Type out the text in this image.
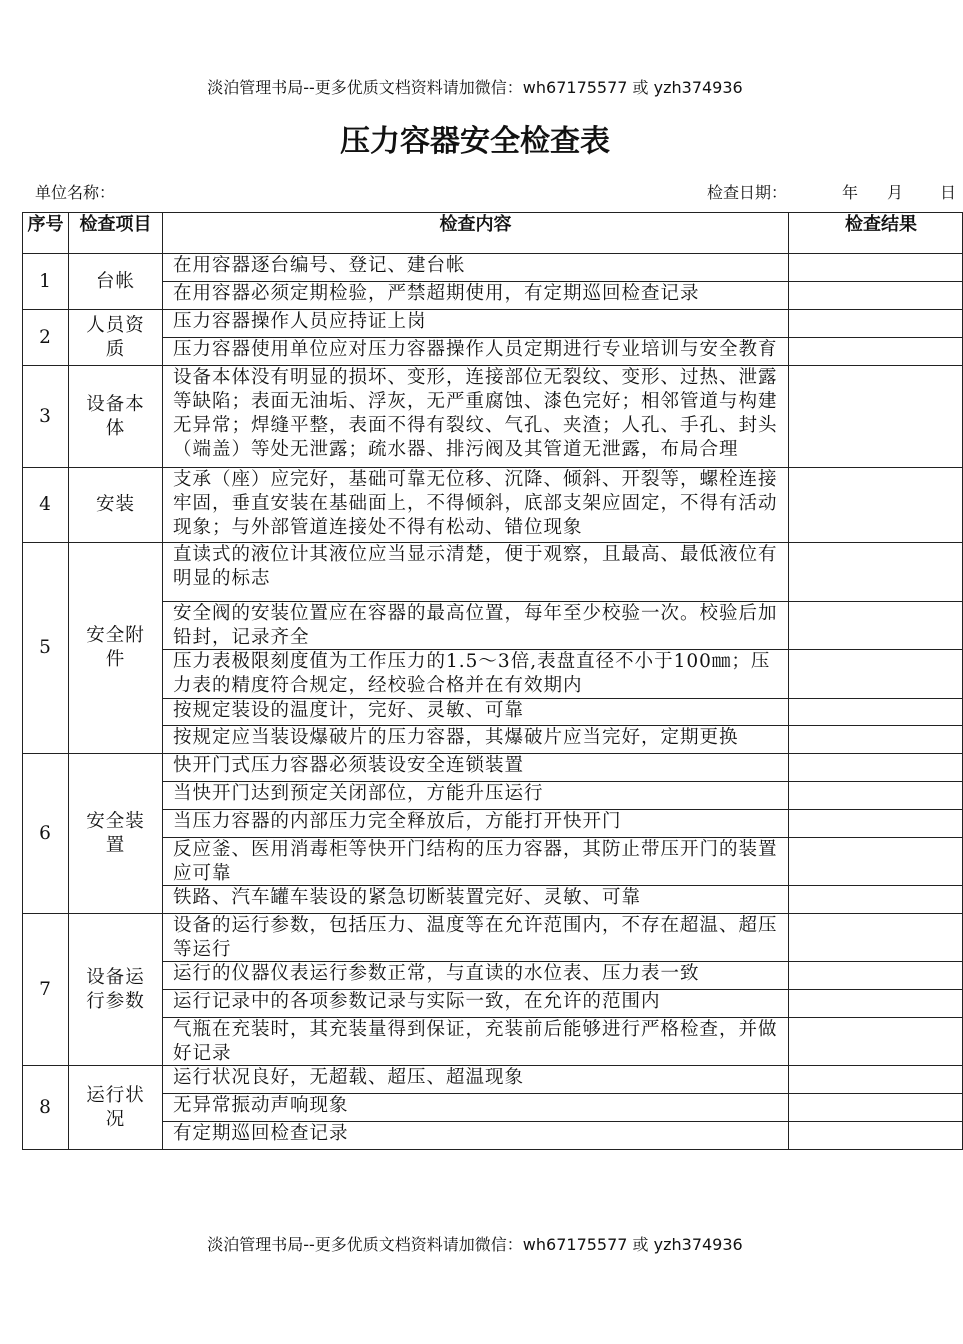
淡泊管理书局--更多优质文档资料请加微信：wh67175577 或 yzh374936
压力容器安全检查表
单位名称：	检查日期：	年 月 日
序号	检查项目	检查内容	检查结果

1	台帐	在用容器逐台编号、登记、建台帐	

		在用容器必须定期检验，严禁超期使用，有定期巡回检查记录	

2	人员资质	压力容器操作人员应持证上岗	

		压力容器使用单位应对压力容器操作人员定期进行专业培训与安全教育	

3	设备本体	设备本体没有明显的损坏、变形，连接部位无裂纹、变形、过热、泄露等缺陷；表面无油垢、浮灰，无严重腐蚀、漆色完好；相邻管道与构建无异常；焊缝平整，表面不得有裂纹、气孔、夹渣；人孔、手孔、封头（端盖）等处无泄露；疏水器、排污阀及其管道无泄露，布局合理	

4	安装	支承（座）应完好，基础可靠无位移、沉降、倾斜、开裂等，螺栓连接牢固，垂直安装在基础面上，不得倾斜，底部支架应固定，不得有活动现象；与外部管道连接处不得有松动、错位现象	

5	安全附件	直读式的液位计其液位应当显示清楚，便于观察，且最高、最低液位有明显的标志	

		安全阀的安装位置应在容器的最高位置，每年至少校验一次。校验后加铅封，记录齐全	

		压力表极限刻度值为工作压力的1.5～3倍,表盘直径不小于100㎜；压力表的精度符合规定，经校验合格并在有效期内	

		按规定装设的温度计，完好、灵敏、可靠	

		按规定应当装设爆破片的压力容器，其爆破片应当完好，定期更换	

6	安全装置	快开门式压力容器必须装设安全连锁装置	

		当快开门达到预定关闭部位，方能升压运行	

		当压力容器的内部压力完全释放后，方能打开快开门	

		反应釜、医用消毒柜等快开门结构的压力容器，其防止带压开门的装置应可靠	

		铁路、汽车罐车装设的紧急切断装置完好、灵敏、可靠	

7	设备运行参数	设备的运行参数，包括压力、温度等在允许范围内，不存在超温、超压等运行	

		运行的仪器仪表运行参数正常，与直读的水位表、压力表一致	

		运行记录中的各项参数记录与实际一致，在允许的范围内	

		气瓶在充装时，其充装量得到保证，充装前后能够进行严格检查，并做好记录	

8	运行状况	运行状况良好，无超载、超压、超温现象	

		无异常振动声响现象	

		有定期巡回检查记录	

淡泊管理书局--更多优质文档资料请加微信：wh67175577 或 yzh374936
